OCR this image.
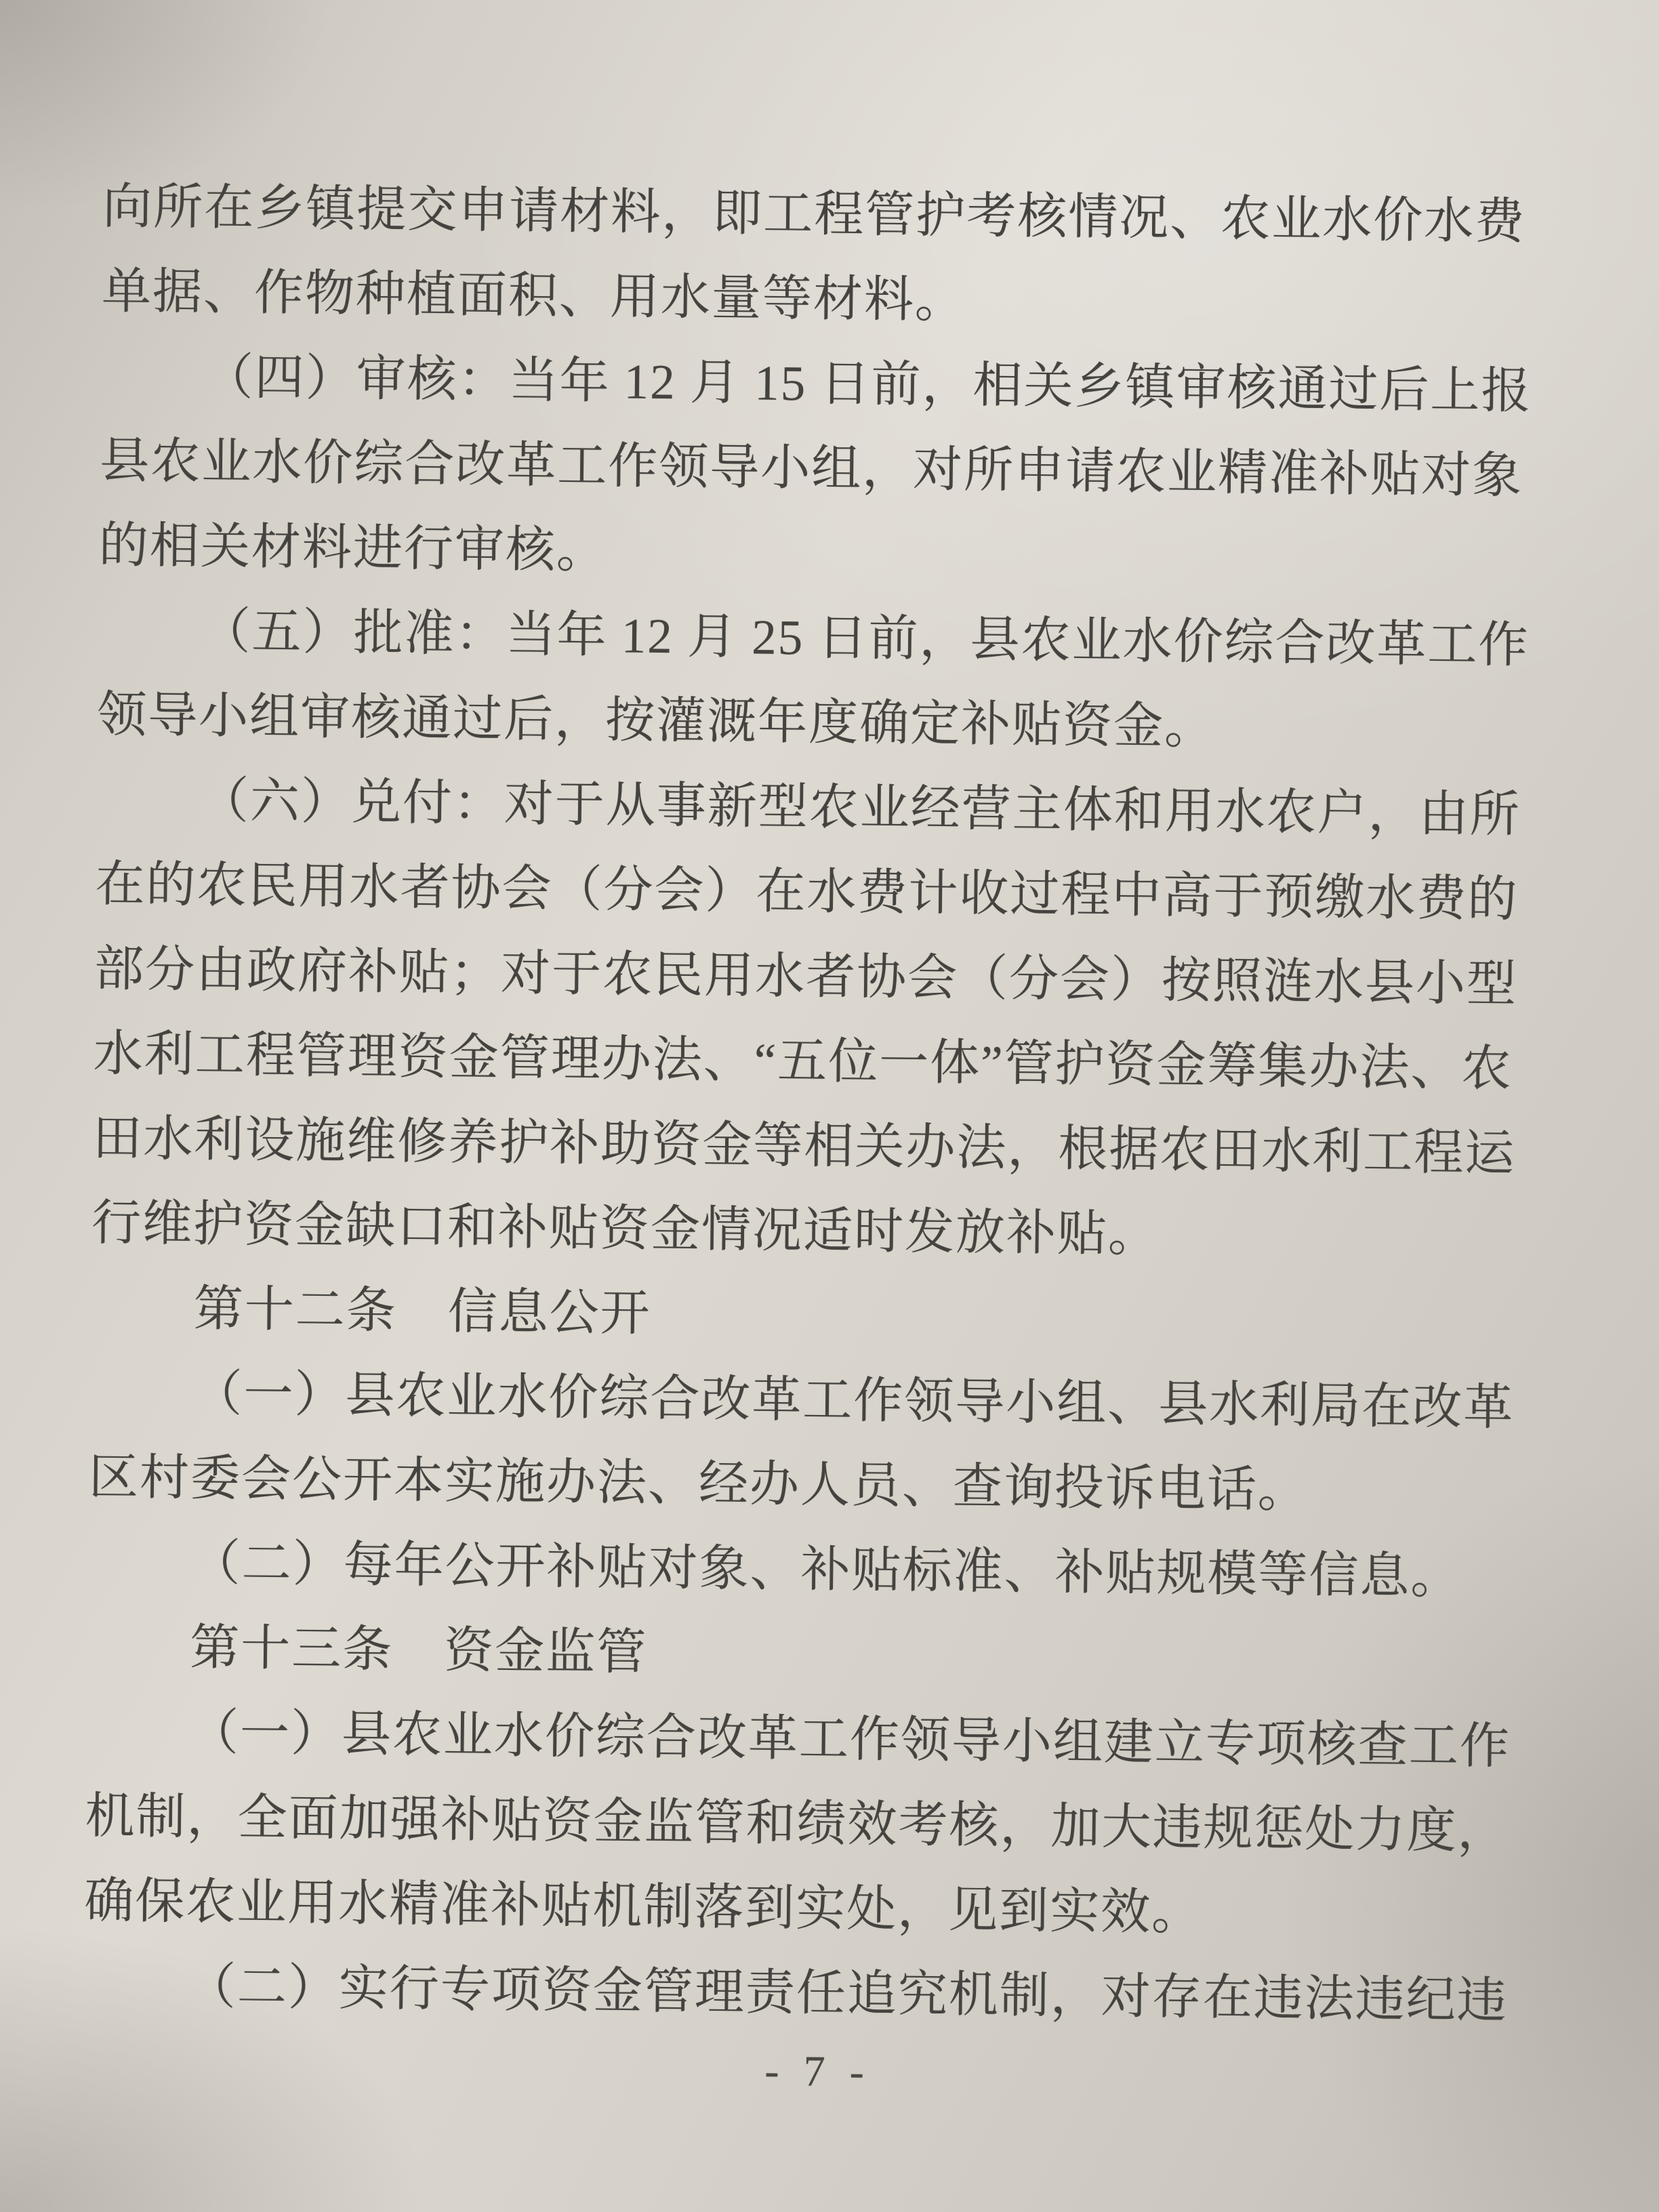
向所在乡镇提交申请材料，即工程管护考核情况、农业水价水费
单据、作物种植面积、用水量等材料。
（四）审核：当年 12 月 15 日前，相关乡镇审核通过后上报
县农业水价综合改革工作领导小组，对所申请农业精准补贴对象
的相关材料进行审核。
（五）批准：当年 12 月 25 日前，县农业水价综合改革工作
领导小组审核通过后，按灌溉年度确定补贴资金。
（六）兑付：对于从事新型农业经营主体和用水农户，由所
在的农民用水者协会（分会）在水费计收过程中高于预缴水费的
部分由政府补贴；对于农民用水者协会（分会）按照涟水县小型
水利工程管理资金管理办法、“五位一体”管护资金筹集办法、农
田水利设施维修养护补助资金等相关办法，根据农田水利工程运
行维护资金缺口和补贴资金情况适时发放补贴。
第十二条　信息公开
（一）县农业水价综合改革工作领导小组、县水利局在改革
区村委会公开本实施办法、经办人员、查询投诉电话。
（二）每年公开补贴对象、补贴标准、补贴规模等信息。
第十三条　资金监管
（一）县农业水价综合改革工作领导小组建立专项核查工作
机制，全面加强补贴资金监管和绩效考核，加大违规惩处力度，
确保农业用水精准补贴机制落到实处，见到实效。
（二）实行专项资金管理责任追究机制，对存在违法违纪违
- 7 -
